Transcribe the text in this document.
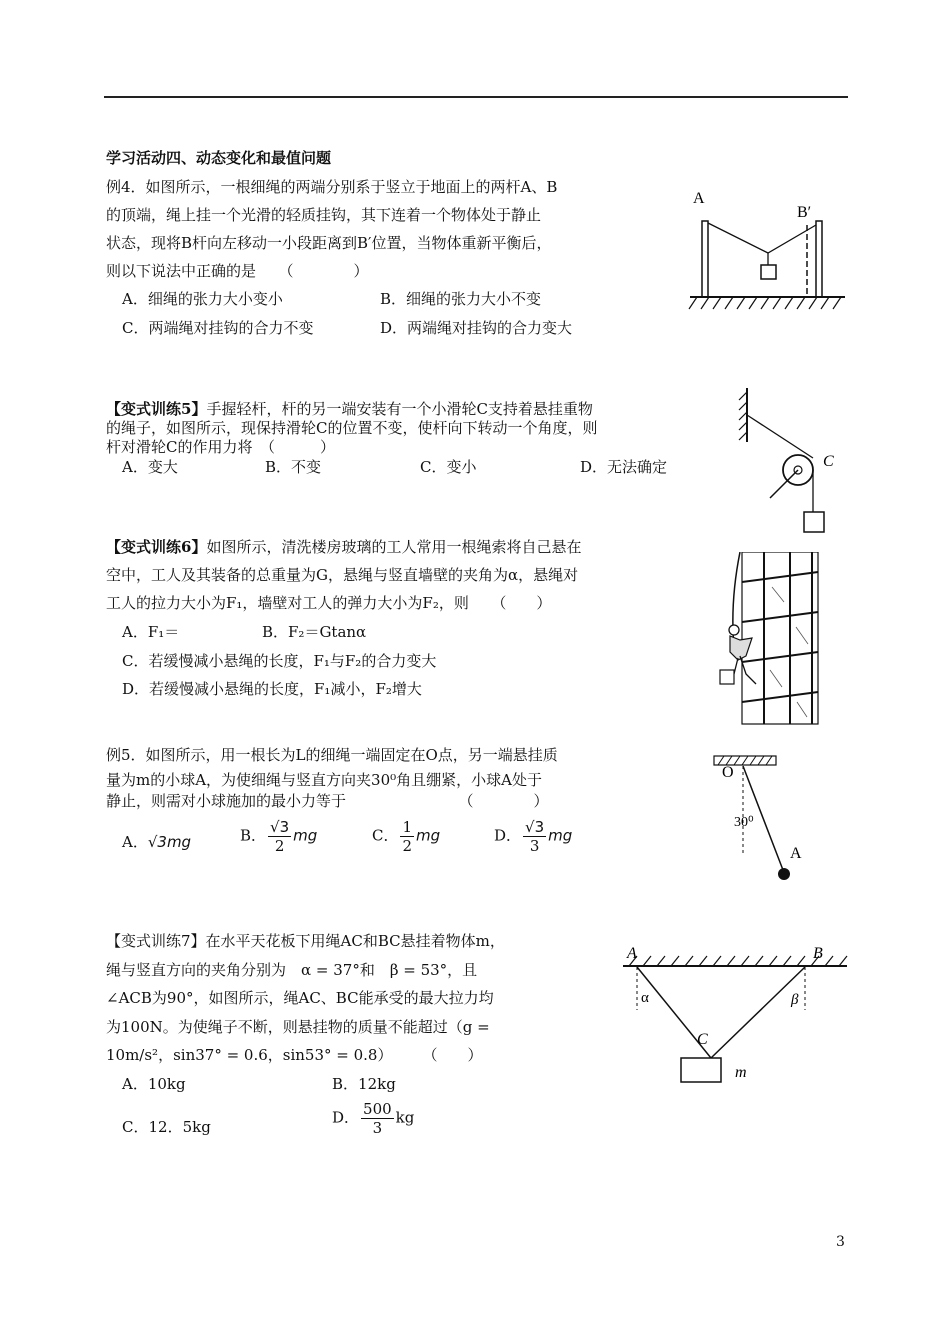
学习活动四、动态变化和最值问题
例4．如图所示，一根细绳的两端分别系于竖立于地面上的两杆A、B
的顶端，绳上挂一个光滑的轻质挂钩，其下连着一个物体处于静止
状态，现将B杆向左移动一小段距离到B′位置，当物体重新平衡后，
则以下说法中正确的是　　（　　　　）
A．细绳的张力大小变小	B．细绳的张力大小不变
C．两端绳对挂钩的合力不变	D．两端绳对挂钩的合力变大
A
B′
【变式训练5】手握轻杆，杆的另一端安装有一个小滑轮C支持着悬挂重物
的绳子，如图所示，现保持滑轮C的位置不变，使杆向下转动一个角度，则
杆对滑轮C的作用力将　（　　　）
A．变大	B．不变	C．变小	D．无法确定	C
【变式训练6】如图所示，清洗楼房玻璃的工人常用一根绳索将自己悬在
空中，工人及其装备的总重量为G，悬绳与竖直墙壁的夹角为α，悬绳对
工人的拉力大小为F₁，墙壁对工人的弹力大小为F₂，则　　（　　）
A．F₁＝	B．F₂＝Gtanα
C．若缓慢减小悬绳的长度，F₁与F₂的合力变大
D．若缓慢减小悬绳的长度，F₁减小，F₂增大
例5．如图所示，用一根长为L的细绳一端固定在O点，另一端悬挂质
量为m的小球A，为使细绳与竖直方向夹30⁰角且绷紧，小球A处于
静止，则需对小球施加的最小力等于　　　　　　　　（　　　　）
A．√3mg	B． $\frac{√3}{2}$ mg	C． $\frac{1}{2}$ mg	D． $\frac{√3}{3}$ mg
O
30⁰
A
【变式训练7】在水平天花板下用绳AC和BC悬挂着物体m，
绳与竖直方向的夹角分别为　α = 37°和　β = 53°，且
∠ACB为90°，如图所示，绳AC、BC能承受的最大拉力均
为100N。为使绳子不断，则悬挂物的质量不能超过（g =
10m/s²，sin37° = 0.6，sin53° = 0.8）　　　（　　）
A．10kg	B．12kg
C．12．5kg
D． $\frac{500}{3}$ kg
A	B
α	β
C
m
3
